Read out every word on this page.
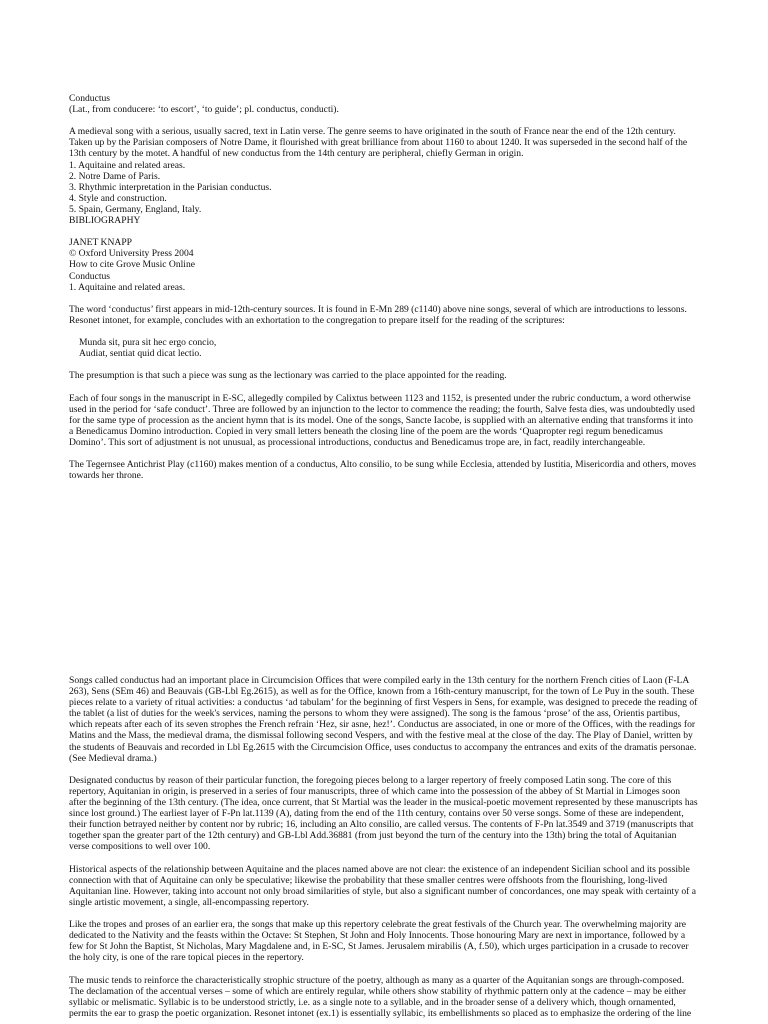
Conductus

(Lat., from conducere: ‘to escort’, ‘to guide’; pl. conductus, conducti).

A medieval song with a serious, usually sacred, text in Latin verse. The genre seems to have originated in the south of France near the end of the 12th century. Taken up by the Parisian composers of Notre Dame, it flourished with great brilliance from about 1160 to about 1240. It was superseded in the second half of the 13th century by the motet. A handful of new conductus from the 14th century are peripheral, chiefly German in origin.

1. Aquitaine and related areas.

2. Notre Dame of Paris.

3. Rhythmic interpretation in the Parisian conductus.

4. Style and construction.

5. Spain, Germany, England, Italy.

BIBLIOGRAPHY

JANET KNAPP

© Oxford University Press 2004

How to cite Grove Music Online

Conductus

1. Aquitaine and related areas.

The word ‘conductus’ first appears in mid-12th-century sources. It is found in E-Mn 289 (c1140) above nine songs, several of which are introductions to lessons. Resonet intonet, for example, concludes with an exhortation to the congregation to prepare itself for the reading of the scriptures:

Munda sit, pura sit hec ergo concio,

Audiat, sentiat quid dicat lectio.

The presumption is that such a piece was sung as the lectionary was carried to the place appointed for the reading.

Each of four songs in the manuscript in E-SC, allegedly compiled by Calixtus between 1123 and 1152, is presented under the rubric conductum, a word otherwise used in the period for ‘safe conduct’. Three are followed by an injunction to the lector to commence the reading; the fourth, Salve festa dies, was undoubtedly used for the same type of procession as the ancient hymn that is its model. One of the songs, Sancte Iacobe, is supplied with an alternative ending that transforms it into a Benedicamus Domino introduction. Copied in very small letters beneath the closing line of the poem are the words ‘Quapropter regi regum benedicamus Domino’. This sort of adjustment is not unusual, as processional introductions, conductus and Benedicamus trope are, in fact, readily interchangeable.

The Tegernsee Antichrist Play (c1160) makes mention of a conductus, Alto consilio, to be sung while Ecclesia, attended by Iustitia, Misericordia and others, moves towards her throne.

Songs called conductus had an important place in Circumcision Offices that were compiled early in the 13th century for the northern French cities of Laon (F-LA 263), Sens (SEm 46) and Beauvais (GB-Lbl Eg.2615), as well as for the Office, known from a 16th-century manuscript, for the town of Le Puy in the south. These pieces relate to a variety of ritual activities: a conductus ‘ad tabulam’ for the beginning of first Vespers in Sens, for example, was designed to precede the reading of the tablet (a list of duties for the week's services, naming the persons to whom they were assigned). The song is the famous ‘prose’ of the ass, Orientis partibus, which repeats after each of its seven strophes the French refrain ‘Hez, sir asne, hez!’. Conductus are associated, in one or more of the Offices, with the readings for Matins and the Mass, the medieval drama, the dismissal following second Vespers, and with the festive meal at the close of the day. The Play of Daniel, written by the students of Beauvais and recorded in Lbl Eg.2615 with the Circumcision Office, uses conductus to accompany the entrances and exits of the dramatis personae. (See Medieval drama.)

Designated conductus by reason of their particular function, the foregoing pieces belong to a larger repertory of freely composed Latin song. The core of this repertory, Aquitanian in origin, is preserved in a series of four manuscripts, three of which came into the possession of the abbey of St Martial in Limoges soon after the beginning of the 13th century. (The idea, once current, that St Martial was the leader in the musical-poetic movement represented by these manuscripts has since lost ground.) The earliest layer of F-Pn lat.1139 (A), dating from the end of the 11th century, contains over 50 verse songs. Some of these are independent, their function betrayed neither by content nor by rubric; 16, including an Alto consilio, are called versus. The contents of F-Pn lat.3549 and 3719 (manuscripts that together span the greater part of the 12th century) and GB-Lbl Add.36881 (from just beyond the turn of the century into the 13th) bring the total of Aquitanian verse compositions to well over 100.

Historical aspects of the relationship between Aquitaine and the places named above are not clear: the existence of an independent Sicilian school and its possible connection with that of Aquitaine can only be speculative; likewise the probability that these smaller centres were offshoots from the flourishing, long-lived Aquitanian line. However, taking into account not only broad similarities of style, but also a significant number of concordances, one may speak with certainty of a single artistic movement, a single, all-encompassing repertory.

Like the tropes and proses of an earlier era, the songs that make up this repertory celebrate the great festivals of the Church year. The overwhelming majority are dedicated to the Nativity and the feasts within the Octave: St Stephen, St John and Holy Innocents. Those honouring Mary are next in importance, followed by a few for St John the Baptist, St Nicholas, Mary Magdalene and, in E-SC, St James. Jerusalem mirabilis (A, f.50), which urges participation in a crusade to recover the holy city, is one of the rare topical pieces in the repertory.

The music tends to reinforce the characteristically strophic structure of the poetry, although as many as a quarter of the Aquitanian songs are through-composed. The declamation of the accentual verses – some of which are entirely regular, while others show stability of rhythmic pattern only at the cadence – may be either syllabic or melismatic. Syllabic is to be understood strictly, i.e. as a single note to a syllable, and in the broader sense of a delivery which, though ornamented, permits the ear to grasp the poetic organization. Resonet intonet (ex.1) is essentially syllabic, its embellishments so placed as to emphasize the ordering of the line
